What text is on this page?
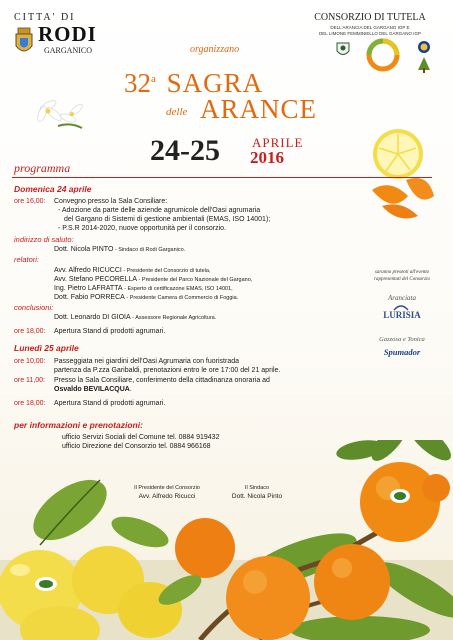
CITTA' DI
RODI
GARGANICO
CONSORZIO DI TUTELA
DELL'ARANCIA DEL GARGANO IGP E
DEL LIMONE FEMMINIELLO DEL GARGANO IGP
organizzano
32$^a$ SAGRA
delle ARANCE
24-25 APRILE
2016
programma
Domenica 24 aprile
ore 16,00: Convegno presso la Sala Consiliare:
- Adozione da parte delle aziende agrumicole dell'Oasi agrumaria
del Gargano di Sistemi di gestione ambientali (EMAS, ISO 14001);
- P.S.R 2014-2020, nuove opportunità per il consorzio.
indirizzo di saluto:
Dott. Nicola PINTO - Sindaco di Rodi Garganico.
relatori:
Avv. Alfredo RICUCCI - Presidente del Consorzio di tutela,
Avv. Stefano PECORELLA - Presidente del Parco Nazionale del Gargano,
Ing. Pietro LAFRATTA - Esperto di certificazone EMAS, ISO 14001,
Dott. Fabio PORRECA - Presidente Camera di Commercio di Foggia.
conclusioni:
Dott. Leonardo DI GIOIA - Assessore Regionale Agricoltura.
ore 18,00: Apertura Stand di prodotti agrumari.
Lunedì 25 aprile
ore 10,00: Passeggiata nei giardini dell'Oasi Agrumaria con fuoristrada
partenza da P.zza Garibaldi, prenotazioni entro le ore 17:00 del 21 aprile.
ore 11,00: Presso la Sala Consiliare, conferimento della cittadinanza onoraria ad
Osvaldo BEVILACQUA.
ore 18,00: Apertura Stand di prodotti agrumari.
per informazioni e prenotazioni:
ufficio Servizi Sociali del Comune tel. 0884 919432
ufficio Direzione del Consorzio tel. 0884 966168
saranno presenti all'evento
rappresentati del Consorzio
Aranciata
LURISIA
Gazzosa e Tonica
Spumador
Il Presidente del Consorzio
Avv. Alfredo Ricucci
Il Sindaco
Dott. Nicola Pinto
